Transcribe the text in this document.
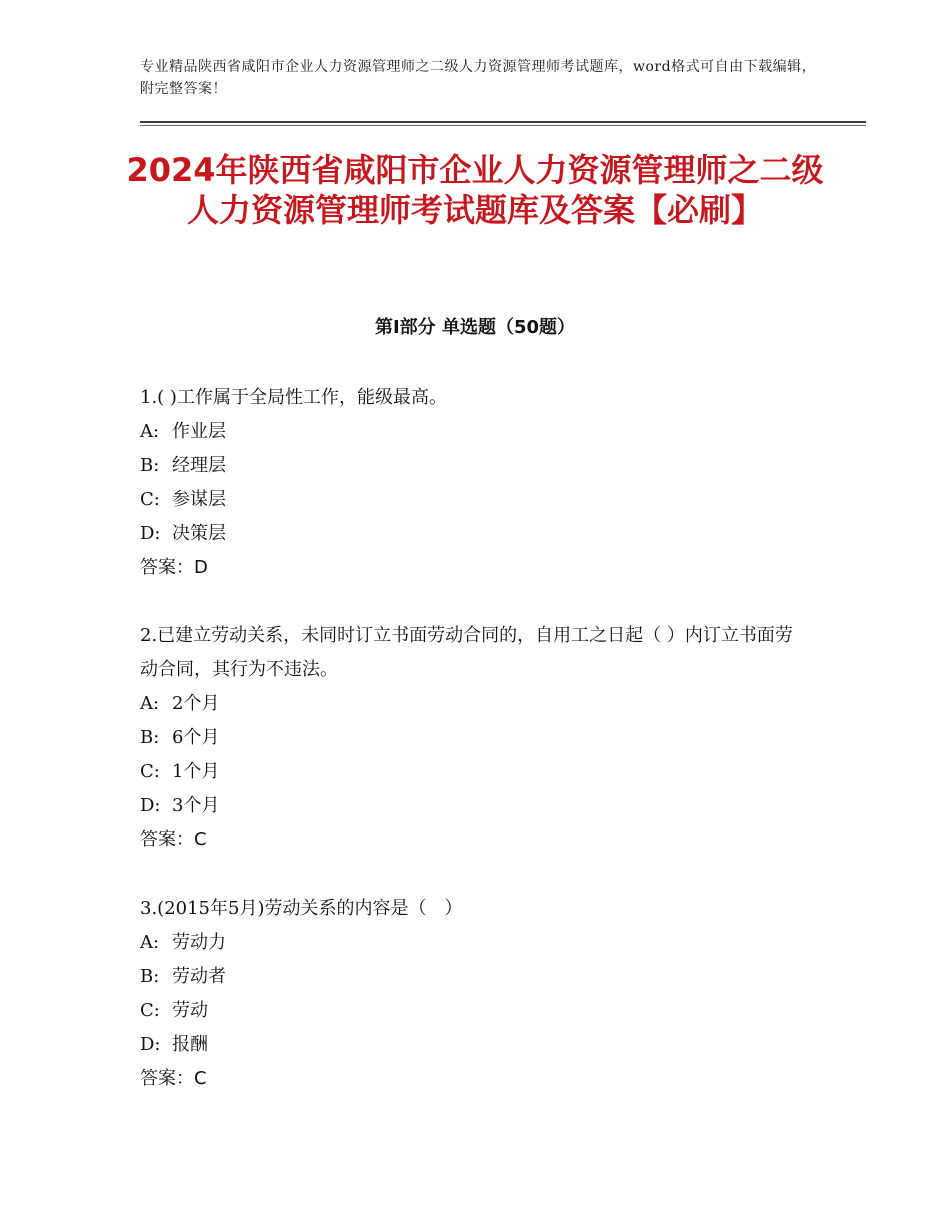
专业精品陕西省咸阳市企业人力资源管理师之二级人力资源管理师考试题库，word格式可自由下载编辑，附完整答案！
2024年陕西省咸阳市企业人力资源管理师之二级人力资源管理师考试题库及答案【必刷】
第Ⅰ部分 单选题（50题）
1.( )工作属于全局性工作，能级最高。
A: 作业层
B: 经理层
C: 参谋层
D: 决策层
答案：D
2.已建立劳动关系，未同时订立书面劳动合同的，自用工之日起（ ）内订立书面劳动合同，其行为不违法。
A: 2个月
B: 6个月
C: 1个月
D: 3个月
答案：C
3.(2015年5月)劳动关系的内容是（　）
A: 劳动力
B: 劳动者
C: 劳动
D: 报酬
答案：C
